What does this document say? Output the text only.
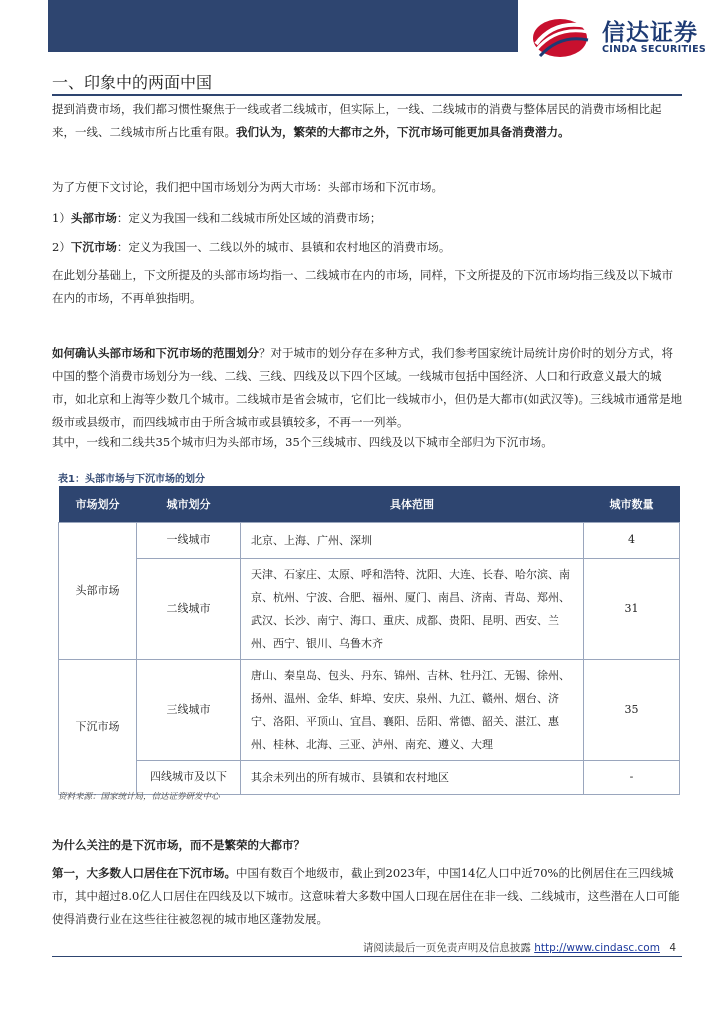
信达证券
CINDA SECURITIES
一、印象中的两面中国

提到消费市场，我们都习惯性聚焦于一线或者二线城市，但实际上，一线、二线城市的消费与整体居民的消费市场相比起来，一线、二线城市所占比重有限。我们认为，繁荣的大都市之外，下沉市场可能更加具备消费潜力。

为了方便下文讨论，我们把中国市场划分为两大市场：头部市场和下沉市场。

1）头部市场：定义为我国一线和二线城市所处区域的消费市场；

2）下沉市场：定义为我国一、二线以外的城市、县镇和农村地区的消费市场。

在此划分基础上，下文所提及的头部市场均指一、二线城市在内的市场，同样，下文所提及的下沉市场均指三线及以下城市在内的市场，不再单独指明。

如何确认头部市场和下沉市场的范围划分？对于城市的划分存在多种方式，我们参考国家统计局统计房价时的划分方式，将中国的整个消费市场划分为一线、二线、三线、四线及以下四个区域。一线城市包括中国经济、人口和行政意义最大的城市，如北京和上海等少数几个城市。二线城市是省会城市，它们比一线城市小，但仍是大都市(如武汉等)。三线城市通常是地级市或县级市，而四线城市由于所含城市或县镇较多，不再一一列举。

其中，一线和二线共35个城市归为头部市场，35个三线城市、四线及以下城市全部归为下沉市场。

表1：头部市场与下沉市场的划分
市场划分	城市划分	具体范围	城市数量
头部市场	一线城市	北京、上海、广州、深圳	4
	二线城市	天津、石家庄、太原、呼和浩特、沈阳、大连、长春、哈尔滨、南京、杭州、宁波、合肥、福州、厦门、南昌、济南、青岛、郑州、武汉、长沙、南宁、海口、重庆、成都、贵阳、昆明、西安、兰州、西宁、银川、乌鲁木齐	31
下沉市场	三线城市	唐山、秦皇岛、包头、丹东、锦州、吉林、牡丹江、无锡、徐州、扬州、温州、金华、蚌埠、安庆、泉州、九江、赣州、烟台、济宁、洛阳、平顶山、宜昌、襄阳、岳阳、常德、韶关、湛江、惠州、桂林、北海、三亚、泸州、南充、遵义、大理	35
	四线城市及以下	其余未列出的所有城市、县镇和农村地区	-
资料来源：国家统计局，信达证券研发中心

为什么关注的是下沉市场，而不是繁荣的大都市？

第一，大多数人口居住在下沉市场。中国有数百个地级市，截止到2023年，中国14亿人口中近70%的比例居住在三四线城市，其中超过8.0亿人口居住在四线及以下城市。这意味着大多数中国人口现在居住在非一线、二线城市，这些潜在人口可能使得消费行业在这些往往被忽视的城市地区蓬勃发展。

请阅读最后一页免责声明及信息披露 http://www.cindasc.com 4
